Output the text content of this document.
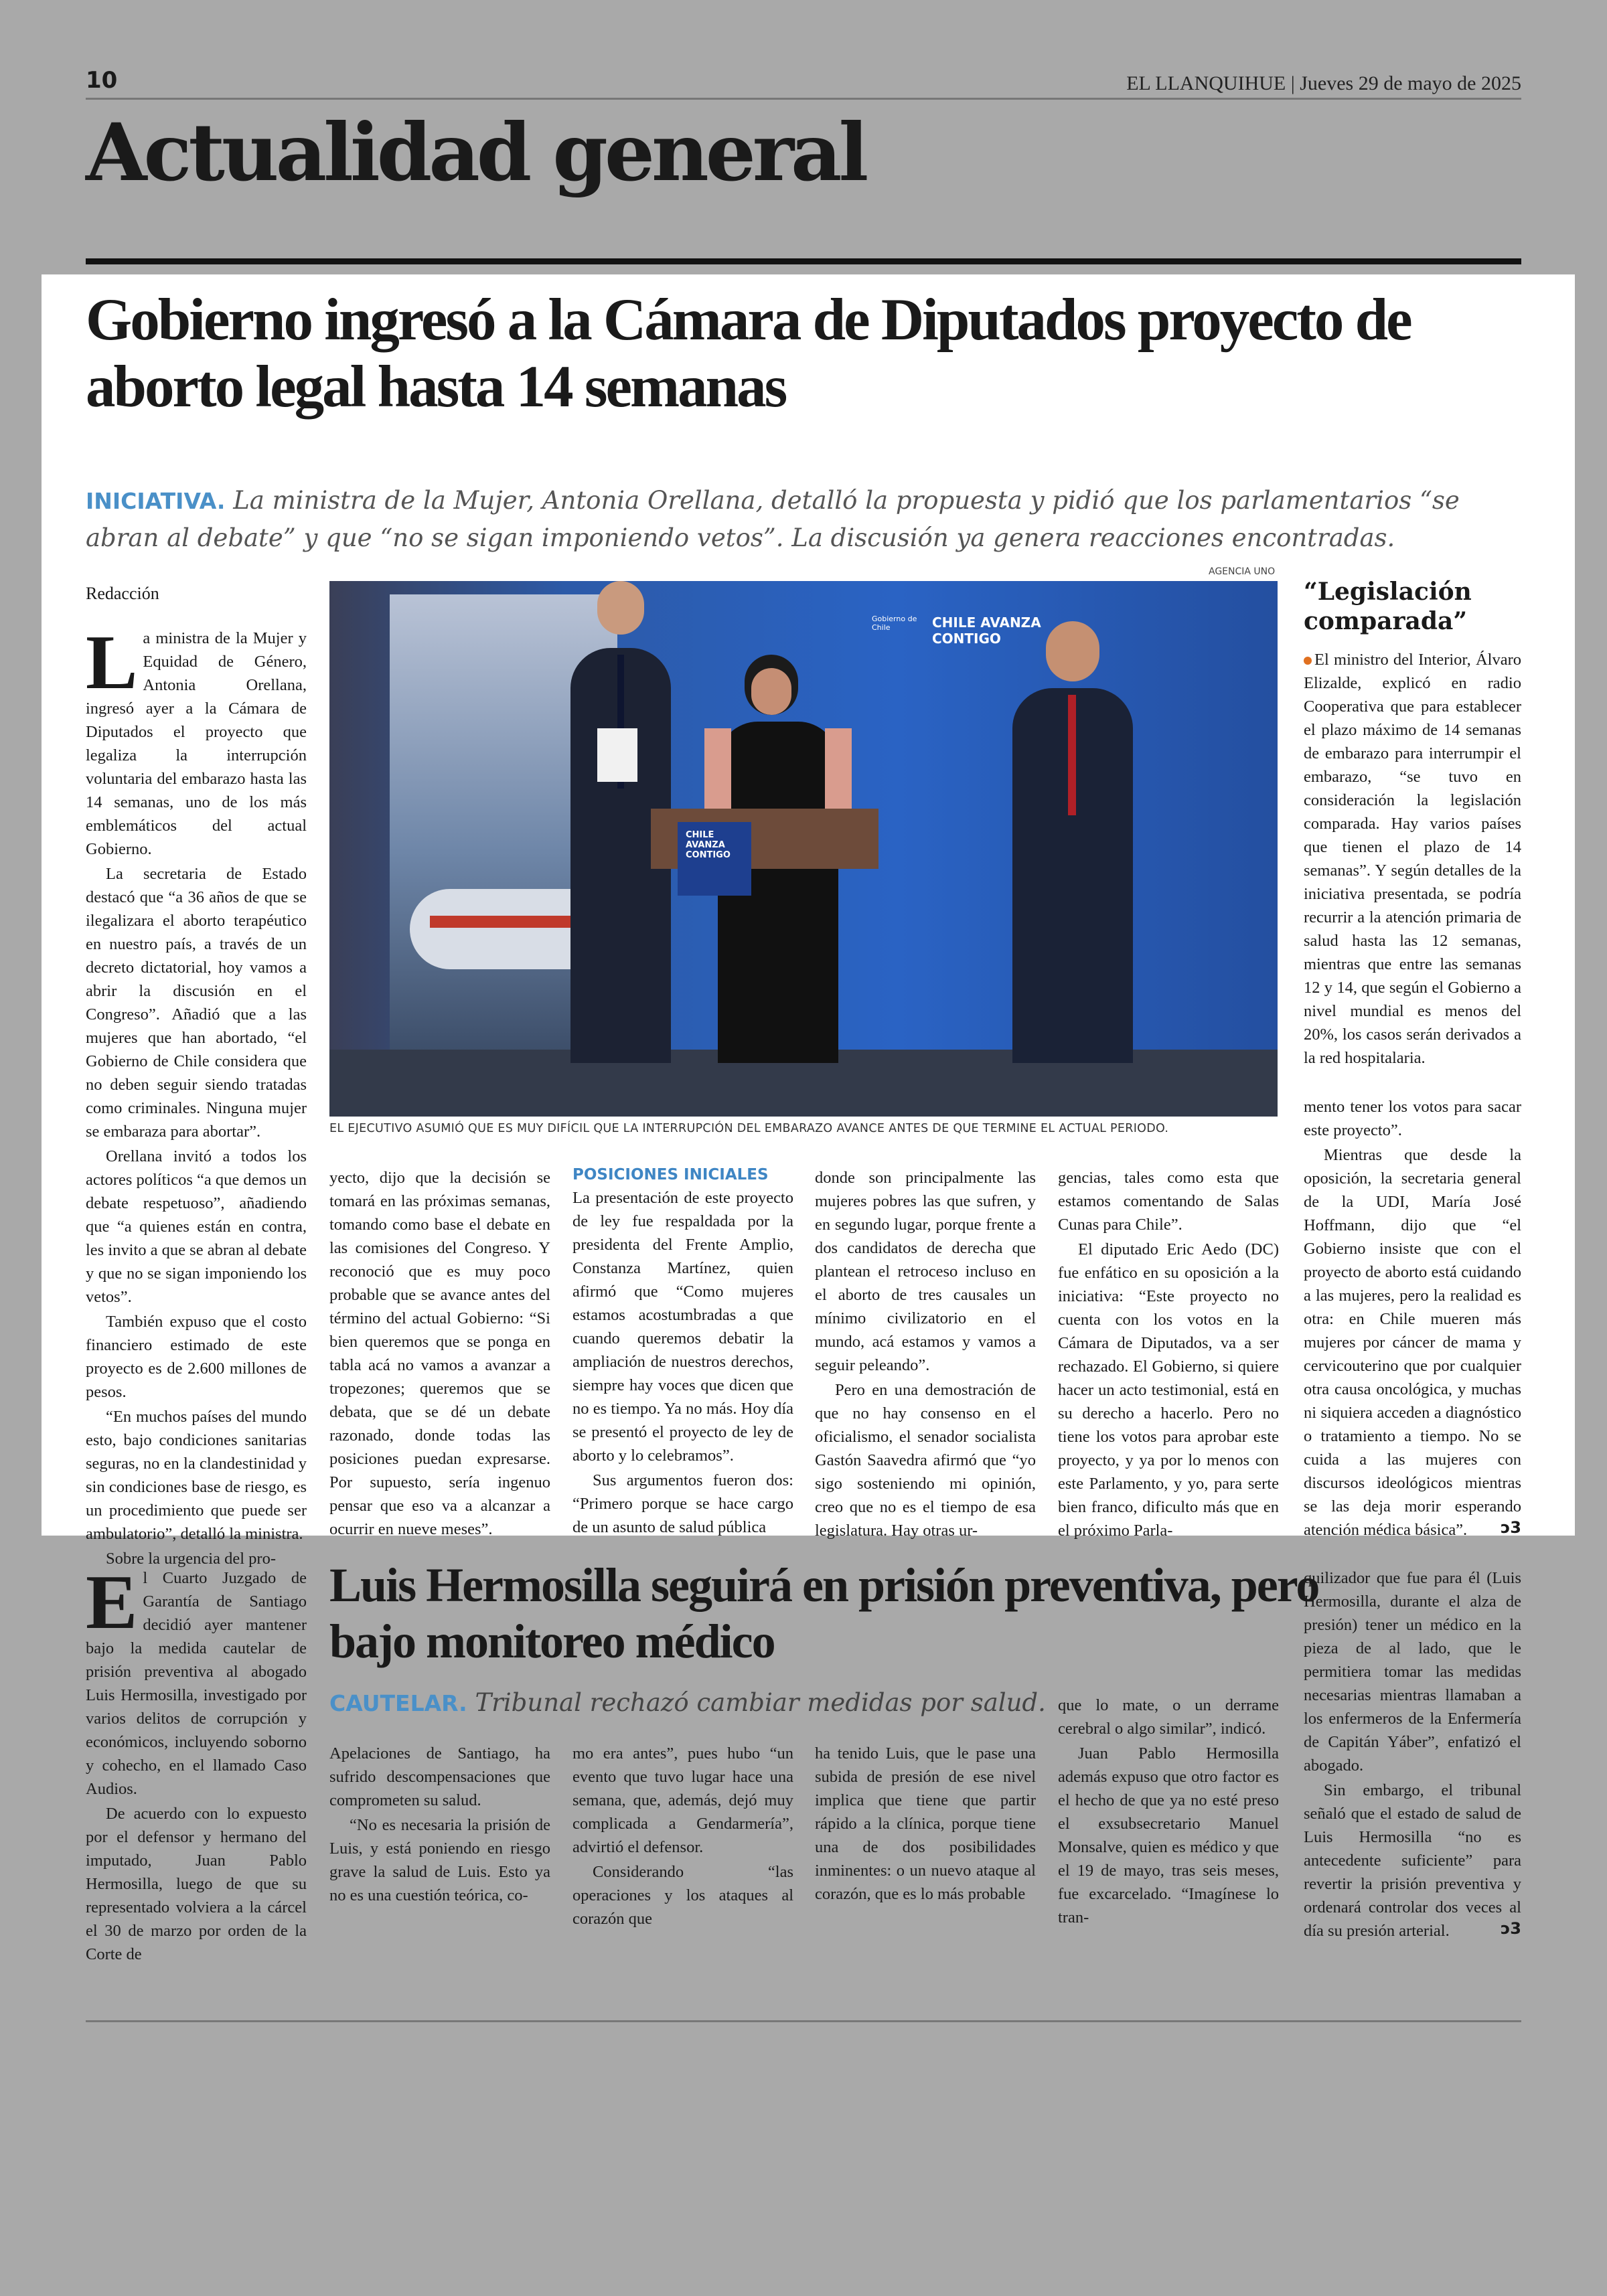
10	EL LLANQUIHUE | Jueves 29 de mayo de 2025
Actualidad general
Gobierno ingresó a la Cámara de Diputados proyecto de aborto legal hasta 14 semanas
INICIATIVA. La ministra de la Mujer, Antonia Orellana, detalló la propuesta y pidió que los parlamentarios “se abran al debate” y que “no se sigan imponiendo vetos”. La discusión ya genera reacciones encontradas.

Redacción

La ministra de la Mujer y Equidad de Género, Antonia Orellana, ingresó ayer a la Cámara de Diputados el proyecto que legaliza la interrupción voluntaria del embarazo hasta las 14 semanas, uno de los más emblemáticos del actual Gobierno.

La secretaria de Estado destacó que “a 36 años de que se ilegalizara el aborto terapéutico en nuestro país, a través de un decreto dictatorial, hoy vamos a abrir la discusión en el Congreso”. Añadió que a las mujeres que han abortado, “el Gobierno de Chile considera que no deben seguir siendo tratadas como criminales. Ninguna mujer se embaraza para abortar”.

Orellana invitó a todos los actores políticos “a que demos un debate respetuoso”, añadiendo que “a quienes están en contra, les invito a que se abran al debate y que no se sigan imponiendo los vetos”.

También expuso que el costo financiero estimado de este proyecto es de 2.600 millones de pesos.

“En muchos países del mundo esto, bajo condiciones sanitarias seguras, no en la clandestinidad y sin condiciones base de riesgo, es un procedimiento que puede ser ambulatorio”, detalló la ministra.

Sobre la urgencia del pro-

AGENCIA UNO
CHILE AVANZA CONTIGO
Gobierno de Chile
CHILE AVANZA CONTIGO
EL EJECUTIVO ASUMIÓ QUE ES MUY DIFÍCIL QUE LA INTERRUPCIÓN DEL EMBARAZO AVANCE ANTES DE QUE TERMINE EL ACTUAL PERIODO.

yecto, dijo que la decisión se tomará en las próximas semanas, tomando como base el debate en las comisiones del Congreso. Y reconoció que es muy poco probable que se avance antes del término del actual Gobierno: “Si bien queremos que se ponga en tabla acá no vamos a avanzar a tropezones; queremos que se debata, que se dé un debate razonado, donde todas las posiciones puedan expresarse. Por supuesto, sería ingenuo pensar que eso va a alcanzar a ocurrir en nueve meses”.

POSICIONES INICIALES

La presentación de este proyecto de ley fue respaldada por la presidenta del Frente Amplio, Constanza Martínez, quien afirmó que “Como mujeres estamos acostumbradas a que cuando queremos debatir la ampliación de nuestros derechos, siempre hay voces que dicen que no es tiempo. Ya no más. Hoy día se presentó el proyecto de ley de aborto y lo celebramos”.

Sus argumentos fueron dos: “Primero porque se hace cargo de un asunto de salud pública

donde son principalmente las mujeres pobres las que sufren, y en segundo lugar, porque frente a dos candidatos de derecha que plantean el retroceso incluso en el aborto de tres causales un mínimo civilizatorio en el mundo, acá estamos y vamos a seguir peleando”.

Pero en una demostración de que no hay consenso en el oficialismo, el senador socialista Gastón Saavedra afirmó que “yo sigo sosteniendo mi opinión, creo que no es el tiempo de esa legislatura. Hay otras ur-

gencias, tales como esta que estamos comentando de Salas Cunas para Chile”.

El diputado Eric Aedo (DC) fue enfático en su oposición a la iniciativa: “Este proyecto no cuenta con los votos en la Cámara de Diputados, va a ser rechazado. El Gobierno, si quiere hacer un acto testimonial, está en su derecho a hacerlo. Pero no tiene los votos para aprobar este proyecto, y ya por lo menos con este Parlamento, y yo, para serte bien franco, dificulto más que en el próximo Parla-

“Legislación comparada”

El ministro del Interior, Álvaro Elizalde, explicó en radio Cooperativa que para establecer el plazo máximo de 14 semanas de embarazo para interrumpir el embarazo, “se tuvo en consideración la legislación comparada. Hay varios países que tienen el plazo de 14 semanas”. Y según detalles de la iniciativa presentada, se podría recurrir a la atención primaria de salud hasta las 12 semanas, mientras que entre las semanas 12 y 14, que según el Gobierno a nivel mundial es menos del 20%, los casos serán derivados a la red hospitalaria.

mento tener los votos para sacar este proyecto”.

Mientras que desde la oposición, la secretaria general de la UDI, María José Hoffmann, dijo que “el Gobierno insiste que con el proyecto de aborto está cuidando a las mujeres, pero la realidad es otra: en Chile mueren más mujeres por cáncer de mama y cervicouterino que por cualquier otra causa oncológica, y muchas ni siquiera acceden a diagnóstico o tratamiento a tiempo. No se cuida a las mujeres con discursos ideológicos mientras se las deja morir esperando atención médica básica”.	ↄ3

El Cuarto Juzgado de Garantía de Santiago decidió ayer mantener bajo la medida cautelar de prisión preventiva al abogado Luis Hermosilla, investigado por varios delitos de corrupción y económicos, incluyendo soborno y cohecho, en el llamado Caso Audios.

De acuerdo con lo expuesto por el defensor y hermano del imputado, Juan Pablo Hermosilla, luego de que su representado volviera a la cárcel el 30 de marzo por orden de la Corte de

Luis Hermosilla seguirá en prisión preventiva, pero bajo monitoreo médico
CAUTELAR. Tribunal rechazó cambiar medidas por salud.

Apelaciones de Santiago, ha sufrido descompensaciones que comprometen su salud.

“No es necesaria la prisión de Luis, y está poniendo en riesgo grave la salud de Luis. Esto ya no es una cuestión teórica, co-

mo era antes”, pues hubo “un evento que tuvo lugar hace una semana, que, además, dejó muy complicada a Gendarmería”, advirtió el defensor.

Considerando “las operaciones y los ataques al corazón que

ha tenido Luis, que le pase una subida de presión de ese nivel implica que tiene que partir rápido a la clínica, porque tiene una de dos posibilidades inminentes: o un nuevo ataque al corazón, que es lo más probable

que lo mate, o un derrame cerebral o algo similar”, indicó.

Juan Pablo Hermosilla además expuso que otro factor es el hecho de que ya no esté preso el exsubsecretario Manuel Monsalve, quien es médico y que el 19 de mayo, tras seis meses, fue excarcelado. “Imagínese lo tran-

quilizador que fue para él (Luis Hermosilla, durante el alza de presión) tener un médico en la pieza de al lado, que le permitiera tomar las medidas necesarias mientras llamaban a los enfermeros de la Enfermería de Capitán Yáber”, enfatizó el abogado.

Sin embargo, el tribunal señaló que el estado de salud de Luis Hermosilla “no es antecedente suficiente” para revertir la prisión preventiva y ordenará controlar dos veces al día su presión arterial.	ↄ3
